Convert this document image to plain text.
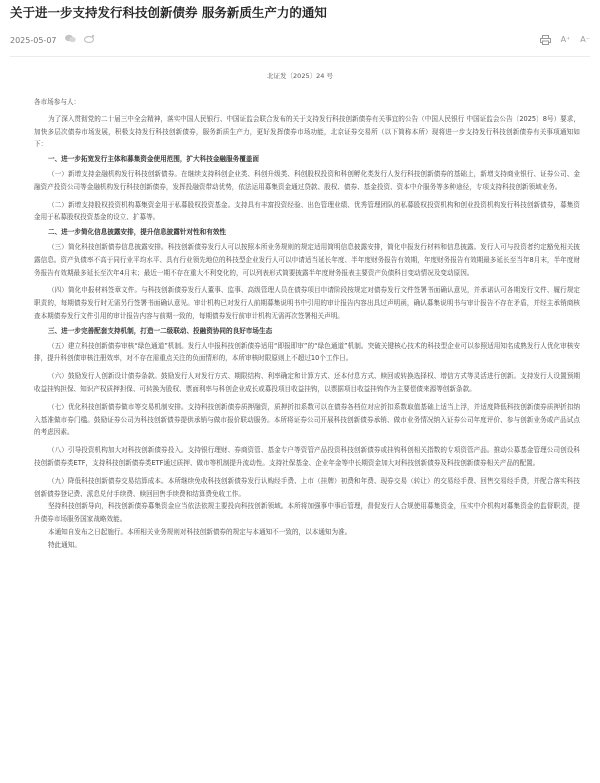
关于进一步支持发行科技创新债券 服务新质生产力的通知
2025-05-07	A⁺ A⁻
北证发〔2025〕24 号

各市场参与人：

为了深入贯彻党的二十届三中全会精神，落实中国人民银行、中国证监会联合发布的关于支持发行科技创新债券有关事宜的公告（中国人民银行 中国证监会公告〔2025〕8号）要求，加快多层次债券市场发展，积极支持发行科技创新债券，服务新质生产力，更好发挥债券市场功能，北京证券交易所（以下简称本所）现将进一步支持发行科技创新债券有关事项通知如下：

一、进一步拓宽发行主体和募集资金使用范围，扩大科技金融服务覆盖面

（一）新增支持金融机构发行科技创新债券。在继续支持科创企业类、科创升级类、科创股权投资和科创孵化类发行人发行科技创新债券的基础上，新增支持商业银行、证券公司、金融资产投资公司等金融机构发行科技创新债券，发挥投融资带动优势，依法运用募集资金通过贷款、股权、债券、基金投资、资本中介服务等多种途径，专项支持科技创新领域业务。

（二）新增支持股权投资机构募集资金用于私募股权投资基金。支持具有丰富投资经验、出色管理业绩、优秀管理团队的私募股权投资机构和创业投资机构发行科技创新债券，募集资金用于私募股权投资基金的设立、扩募等。

二、进一步简化信息披露安排，提升信息披露针对性和有效性

（三）简化科技创新债券信息披露安排。科技创新债券发行人可以按照本所业务规则的规定适用简明信息披露安排，简化申报发行材料和信息披露。发行人可与投资者约定豁免相关披露信息。资产负债率不高于同行业平均水平、具有行业领先地位的科技型企业发行人可以申请适当延长年度、半年度财务报告有效期，年度财务报告有效期最多延长至当年8月末，半年度财务报告有效期最多延长至次年4月末；最近一期不存在重大不利变化的，可以列表形式简要披露半年度财务报表主要资产负债科目变动情况及变动原因。

（四）简化申报材料签章文件。与科技创新债券发行人董事、监事、高级管理人员在债券项目申请阶段按规定对债券发行文件签署书面确认意见，并承诺认可各期发行文件、履行规定职责的，每期债券发行时无需另行签署书面确认意见。审计机构已对发行人前期募集说明书中引用的审计报告内容出具过声明函，确认募集说明书与审计报告不存在矛盾，并经主承销商核查本期债券发行文件引用的审计报告内容与前期一致的，每期债券发行前审计机构无需再次签署相关声明。

三、进一步完善配套支持机制，打造一二级联动、投融资协同的良好市场生态

（五）建立科技创新债券审核“绿色通道”机制。发行人申报科技创新债券适用“即报即审”的“绿色通道”机制。突破关键核心技术的科技型企业可以参照适用知名成熟发行人优化审核安排，提升科创债审核注册效率，对不存在需重点关注的负面情形的，本所审核时限原则上不超过10个工作日。

（六）鼓励发行人创新设计债券条款。鼓励发行人对发行方式、期限结构、利率确定和计算方式、还本付息方式、赎回或转换选择权、增信方式等灵活进行创新。支持发行人设置预期收益挂钩担保、知识产权质押担保、可转换为股权、票面利率与科创企业成长或募投项目收益挂钩，以票据项目收益挂钩作为主要偿债来源等创新条款。

（七）优化科技创新债券做市等交易机制安排。支持科技创新债券质押融资，质押折扣系数可以在债券各档位对应折扣系数取值基础上适当上浮，并适度降低科技创新债券质押折扣纳入基准做市券门槛。鼓励证券公司为科技创新债券提供承销与做市报价联动服务。本所将证券公司开展科技创新债券承销、做市业务情况纳入证券公司年度评价、参与创新业务或产品试点的考虑因素。

（八）引导投资机构加大对科技创新债券投入。支持银行理财、券商资管、基金专户等资管产品投资科技创新债券或挂钩科创相关指数的专项资管产品。推动公募基金管理公司创设科技创新债券类ETF，支持科技创新债券类ETF通过质押、做市等机制提升流动性。支持社保基金、企业年金等中长期资金加大对科技创新债券及科技创新债券相关产品的配置。

（九）降低科技创新债券交易结算成本。本所继续免收科技创新债券发行认购经手费、上市（挂牌）初费和年费、现券交易（转让）的交易经手费、回售交易经手费，并配合落实科技创新债券登记费、派息兑付手续费、赎回回售手续费和结算费免收工作。

坚持科技创新导向，科技创新债券募集资金应当依法依规主要投向科技创新领域。本所将加强事中事后管理，督促发行人合规使用募集资金，压实中介机构对募集资金的监督职责，提升债券市场服务国家战略效能。

本通知自发布之日起施行。本所相关业务规则对科技创新债券的规定与本通知不一致的，以本通知为准。

特此通知。
